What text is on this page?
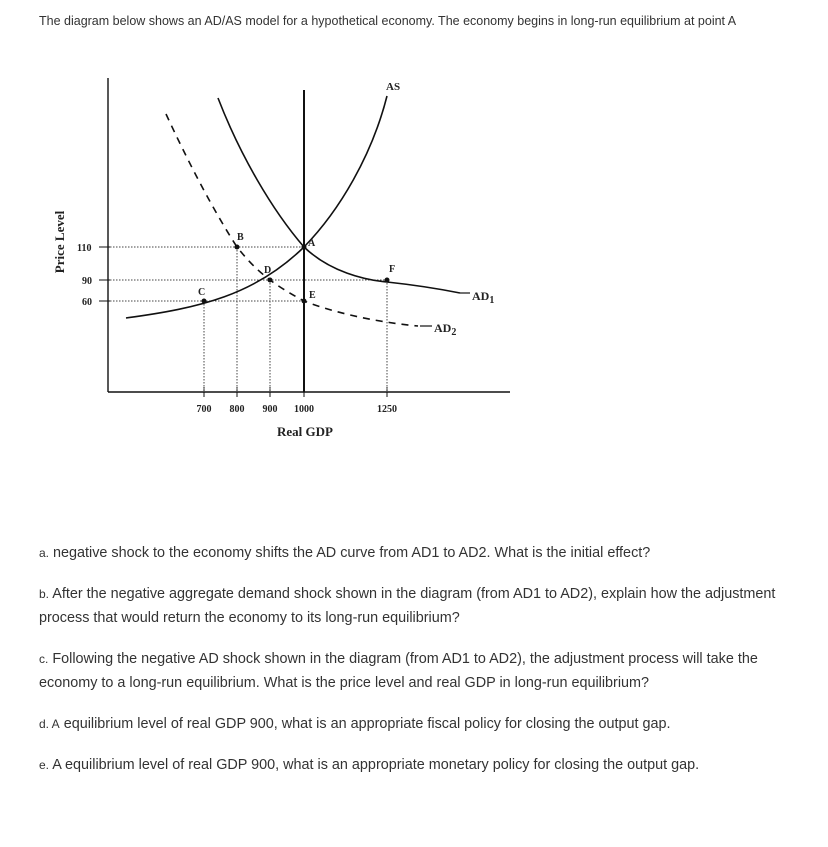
The diagram below shows an AD/AS model for a hypothetical economy. The economy begins in long-run equilibrium at point A
Price Level
Real GDP
110
90
60
700 800 900 1000	1250
AS
$AD_1$
$AD_2$
A
B
C
D
E
F

a. negative shock to the economy shifts the AD curve from AD1 to AD2. What is the initial effect?

b. After the negative aggregate demand shock shown in the diagram (from AD1 to AD2), explain how the adjustment process that would return the economy to its long-run equilibrium?

c. Following the negative AD shock shown in the diagram (from AD1 to AD2), the adjustment process will take the economy to a long-run equilibrium. What is the price level and real GDP in long-run equilibrium?

d. A equilibrium level of real GDP 900, what is an appropriate fiscal policy for closing the output gap.

e. A equilibrium level of real GDP 900, what is an appropriate monetary policy for closing the output gap.
